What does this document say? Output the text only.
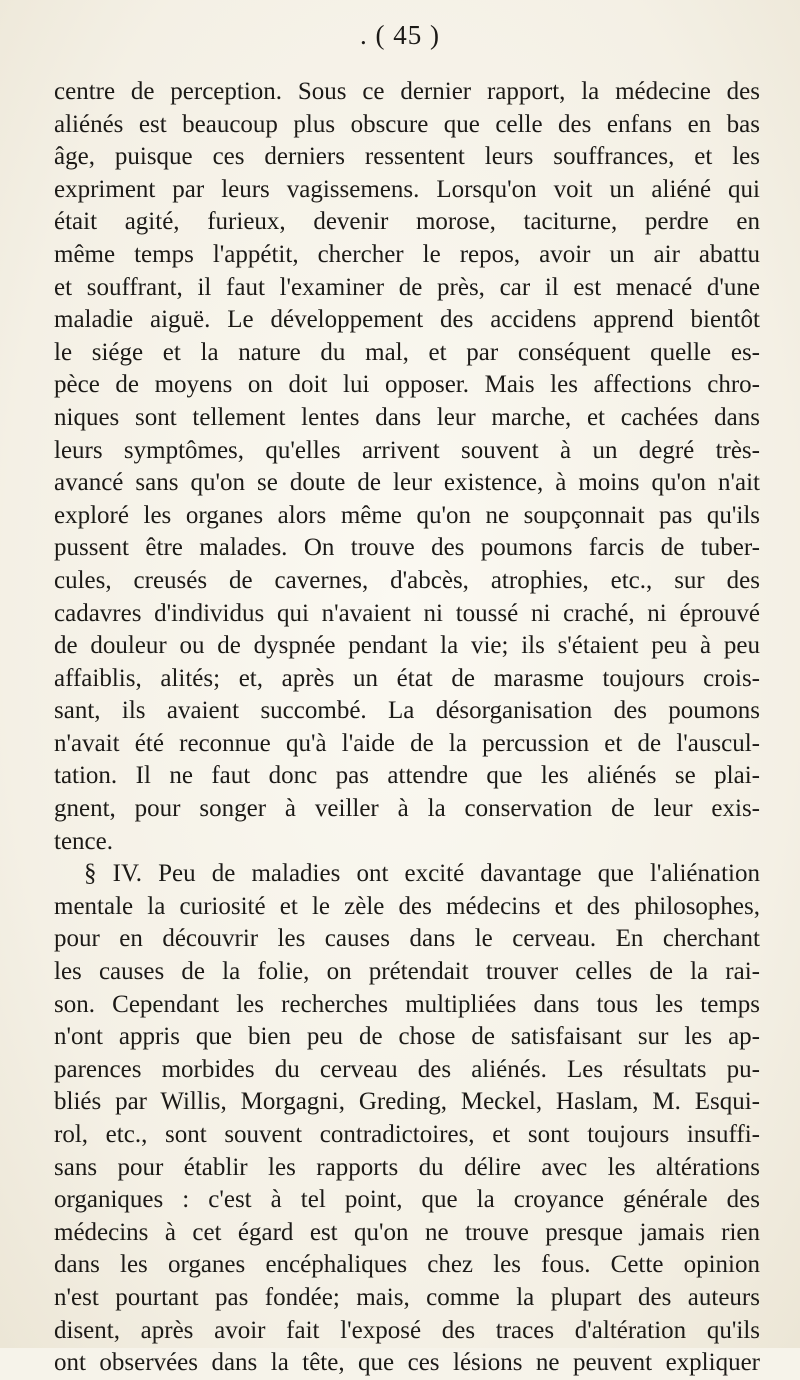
. ( 45 )
centre de perception. Sous ce dernier rapport, la médecine des
aliénés est beaucoup plus obscure que celle des enfans en bas
âge, puisque ces derniers ressentent leurs souffrances, et les
expriment par leurs vagissemens. Lorsqu'on voit un aliéné qui
était agité, furieux, devenir morose, taciturne, perdre en
même temps l'appétit, chercher le repos, avoir un air abattu
et souffrant, il faut l'examiner de près, car il est menacé d'une
maladie aiguë. Le développement des accidens apprend bientôt
le siége et la nature du mal, et par conséquent quelle es-
pèce de moyens on doit lui opposer. Mais les affections chro-
niques sont tellement lentes dans leur marche, et cachées dans
leurs symptômes, qu'elles arrivent souvent à un degré très-
avancé sans qu'on se doute de leur existence, à moins qu'on n'ait
exploré les organes alors même qu'on ne soupçonnait pas qu'ils
pussent être malades. On trouve des poumons farcis de tuber-
cules, creusés de cavernes, d'abcès, atrophies, etc., sur des
cadavres d'individus qui n'avaient ni toussé ni craché, ni éprouvé
de douleur ou de dyspnée pendant la vie; ils s'étaient peu à peu
affaiblis, alités; et, après un état de marasme toujours crois-
sant, ils avaient succombé. La désorganisation des poumons
n'avait été reconnue qu'à l'aide de la percussion et de l'auscul-
tation. Il ne faut donc pas attendre que les aliénés se plai-
gnent, pour songer à veiller à la conservation de leur exis-
tence.
§ IV. Peu de maladies ont excité davantage que l'aliénation
mentale la curiosité et le zèle des médecins et des philosophes,
pour en découvrir les causes dans le cerveau. En cherchant
les causes de la folie, on prétendait trouver celles de la rai-
son. Cependant les recherches multipliées dans tous les temps
n'ont appris que bien peu de chose de satisfaisant sur les ap-
parences morbides du cerveau des aliénés. Les résultats pu-
bliés par Willis, Morgagni, Greding, Meckel, Haslam, M. Esqui-
rol, etc., sont souvent contradictoires, et sont toujours insuffi-
sans pour établir les rapports du délire avec les altérations
organiques : c'est à tel point, que la croyance générale des
médecins à cet égard est qu'on ne trouve presque jamais rien
dans les organes encéphaliques chez les fous. Cette opinion
n'est pourtant pas fondée; mais, comme la plupart des auteurs
disent, après avoir fait l'exposé des traces d'altération qu'ils
ont observées dans la tête, que ces lésions ne peuvent expliquer
